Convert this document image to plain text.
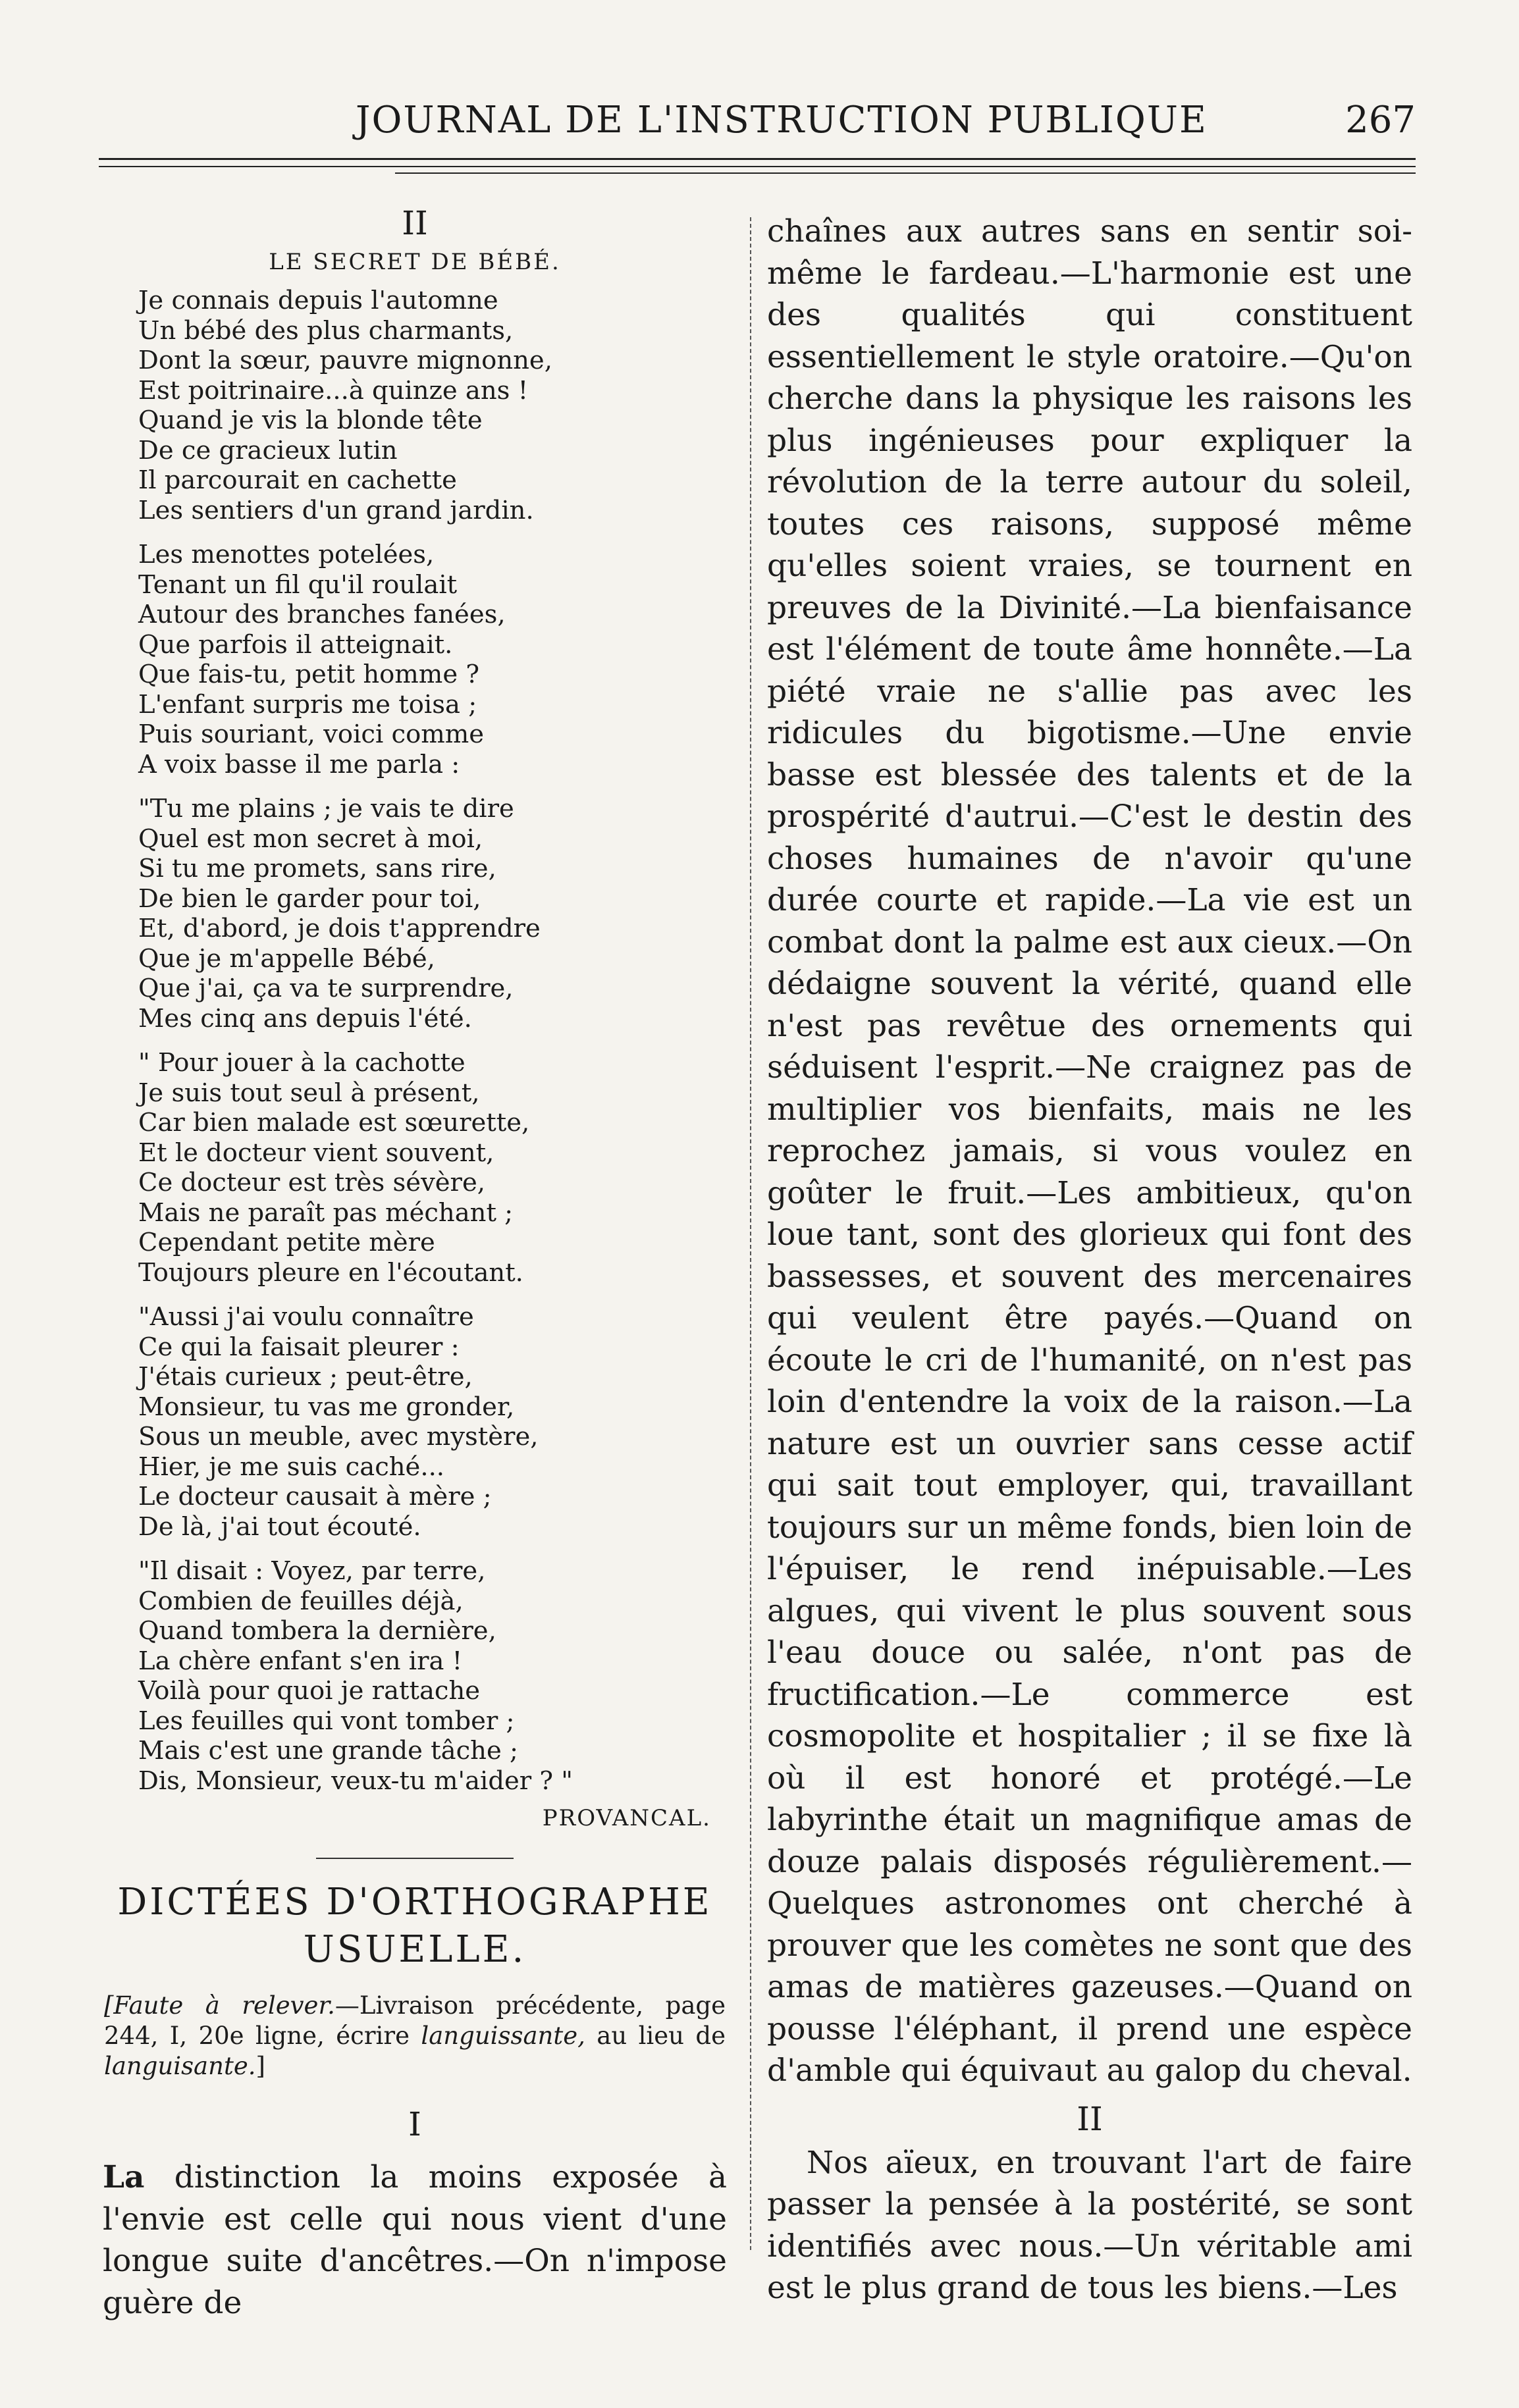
JOURNAL DE L'INSTRUCTION PUBLIQUE	267
II
LE SECRET DE BÉBÉ.
Je connais depuis l'automne
Un bébé des plus charmants,
Dont la sœur, pauvre mignonne,
Est poitrinaire...à quinze ans !
Quand je vis la blonde tête
De ce gracieux lutin
Il parcourait en cachette
Les sentiers d'un grand jardin.
Les menottes potelées,
Tenant un fil qu'il roulait
Autour des branches fanées,
Que parfois il atteignait.
Que fais-tu, petit homme ?
L'enfant surpris me toisa ;
Puis souriant, voici comme
A voix basse il me parla :
"Tu me plains ; je vais te dire
Quel est mon secret à moi,
Si tu me promets, sans rire,
De bien le garder pour toi,
Et, d'abord, je dois t'apprendre
Que je m'appelle Bébé,
Que j'ai, ça va te surprendre,
Mes cinq ans depuis l'été.
" Pour jouer à la cachotte
Je suis tout seul à présent,
Car bien malade est sœurette,
Et le docteur vient souvent,
Ce docteur est très sévère,
Mais ne paraît pas méchant ;
Cependant petite mère
Toujours pleure en l'écoutant.
"Aussi j'ai voulu connaître
Ce qui la faisait pleurer :
J'étais curieux ; peut-être,
Monsieur, tu vas me gronder,
Sous un meuble, avec mystère,
Hier, je me suis caché...
Le docteur causait à mère ;
De là, j'ai tout écouté.
"Il disait : Voyez, par terre,
Combien de feuilles déjà,
Quand tombera la dernière,
La chère enfant s'en ira !
Voilà pour quoi je rattache
Les feuilles qui vont tomber ;
Mais c'est une grande tâche ;
Dis, Monsieur, veux-tu m'aider ? "
PROVANCAL.
DICTÉES D'ORTHOGRAPHE
USUELLE.
[Faute à relever.—Livraison précédente, page 244, I, 20e ligne, écrire languissante, au lieu de languisante.]
I
La distinction la moins exposée à l'envie est celle qui nous vient d'une longue suite d'ancêtres.—On n'impose guère de
chaînes aux autres sans en sentir soi-même le fardeau.—L'harmonie est une des qualités qui constituent essentiellement le style oratoire.—Qu'on cherche dans la physique les raisons les plus ingénieuses pour expliquer la révolution de la terre autour du soleil, toutes ces raisons, supposé même qu'elles soient vraies, se tournent en preuves de la Divinité.—La bienfaisance est l'élément de toute âme honnête.—La piété vraie ne s'allie pas avec les ridicules du bigotisme.—Une envie basse est blessée des talents et de la prospérité d'autrui.—C'est le destin des choses humaines de n'avoir qu'une durée courte et rapide.—La vie est un combat dont la palme est aux cieux.—On dédaigne souvent la vérité, quand elle n'est pas revêtue des ornements qui séduisent l'esprit.—Ne craignez pas de multiplier vos bienfaits, mais ne les reprochez jamais, si vous voulez en goûter le fruit.—Les ambitieux, qu'on loue tant, sont des glorieux qui font des bassesses, et souvent des mercenaires qui veulent être payés.—Quand on écoute le cri de l'humanité, on n'est pas loin d'entendre la voix de la raison.—La nature est un ouvrier sans cesse actif qui sait tout employer, qui, travaillant toujours sur un même fonds, bien loin de l'épuiser, le rend inépuisable.—Les algues, qui vivent le plus souvent sous l'eau douce ou salée, n'ont pas de fructification.—Le commerce est cosmopolite et hospitalier ; il se fixe là où il est honoré et protégé.—Le labyrinthe était un magnifique amas de douze palais disposés régulièrement.—Quelques astronomes ont cherché à prouver que les comètes ne sont que des amas de matières gazeuses.—Quand on pousse l'éléphant, il prend une espèce d'amble qui équivaut au galop du cheval.
II
Nos aïeux, en trouvant l'art de faire passer la pensée à la postérité, se sont identifiés avec nous.—Un véritable ami est le plus grand de tous les biens.—Les
